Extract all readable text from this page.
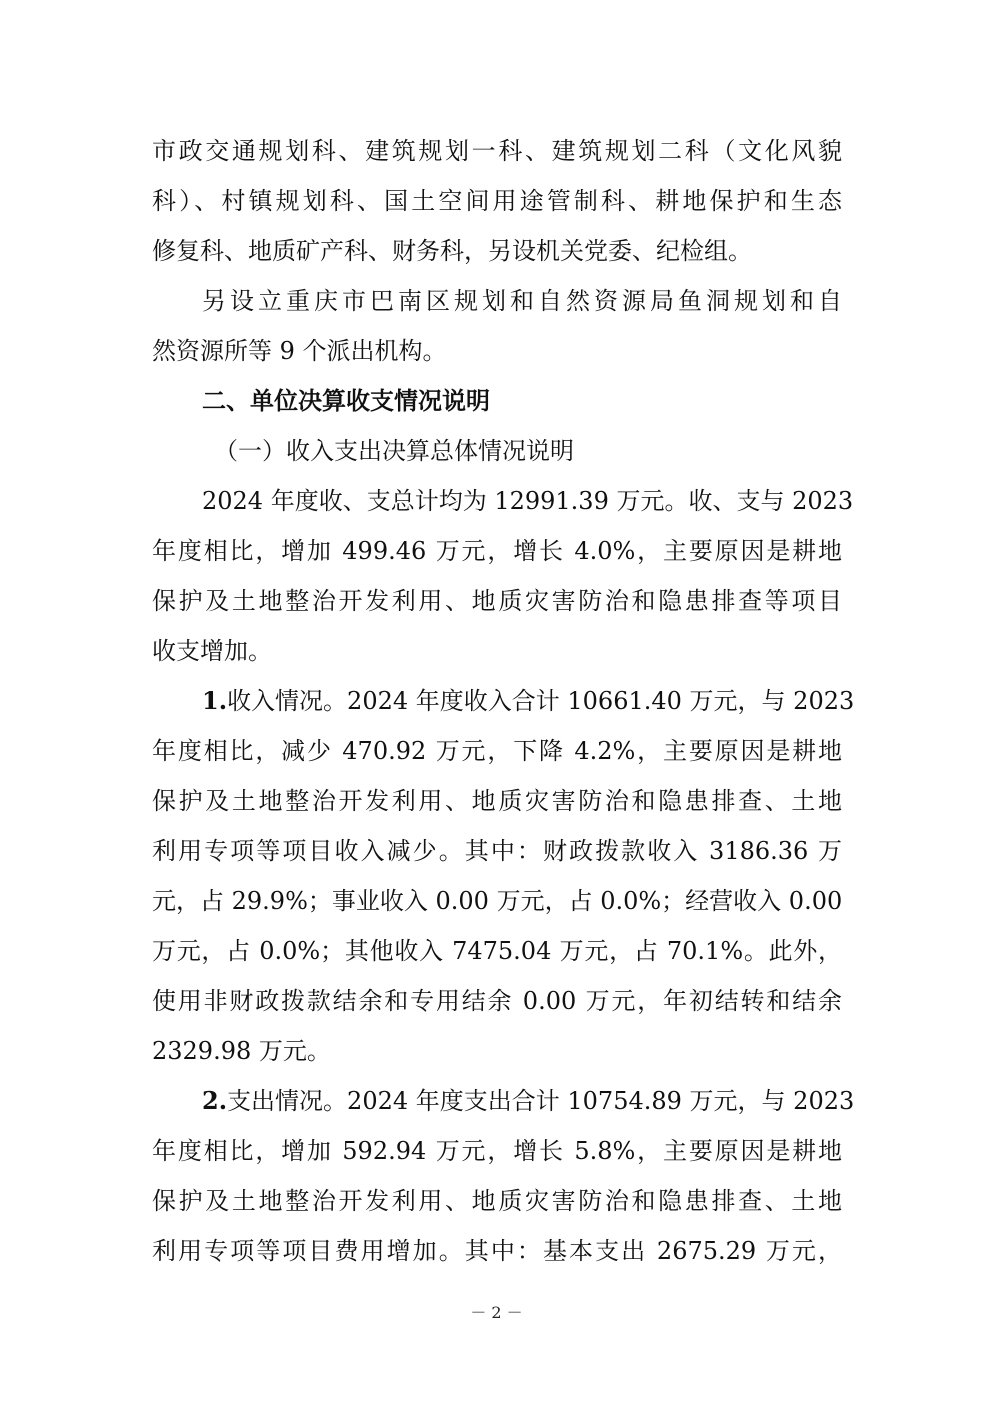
市政交通规划科、建筑规划一科、建筑规划二科（文化风貌
科）、村镇规划科、国土空间用途管制科、耕地保护和生态
修复科、地质矿产科、财务科，另设机关党委、纪检组。
另设立重庆市巴南区规划和自然资源局鱼洞规划和自
然资源所等 9 个派出机构。
二、单位决算收支情况说明
（一）收入支出决算总体情况说明
2024 年度收、支总计均为 12991.39 万元。收、支与 2023
年度相比，增加 499.46 万元，增长 4.0%，主要原因是耕地
保护及土地整治开发利用、地质灾害防治和隐患排查等项目
收支增加。
1.收入情况。2024 年度收入合计 10661.40 万元，与 2023
年度相比，减少 470.92 万元，下降 4.2%，主要原因是耕地
保护及土地整治开发利用、地质灾害防治和隐患排查、土地
利用专项等项目收入减少。其中：财政拨款收入 3186.36 万
元，占 29.9%；事业收入 0.00 万元，占 0.0%；经营收入 0.00
万元，占 0.0%；其他收入 7475.04 万元，占 70.1%。此外，
使用非财政拨款结余和专用结余 0.00 万元，年初结转和结余
2329.98 万元。
2.支出情况。2024 年度支出合计 10754.89 万元，与 2023
年度相比，增加 592.94 万元，增长 5.8%，主要原因是耕地
保护及土地整治开发利用、地质灾害防治和隐患排查、土地
利用专项等项目费用增加。其中：基本支出 2675.29 万元，
－ 2 －
